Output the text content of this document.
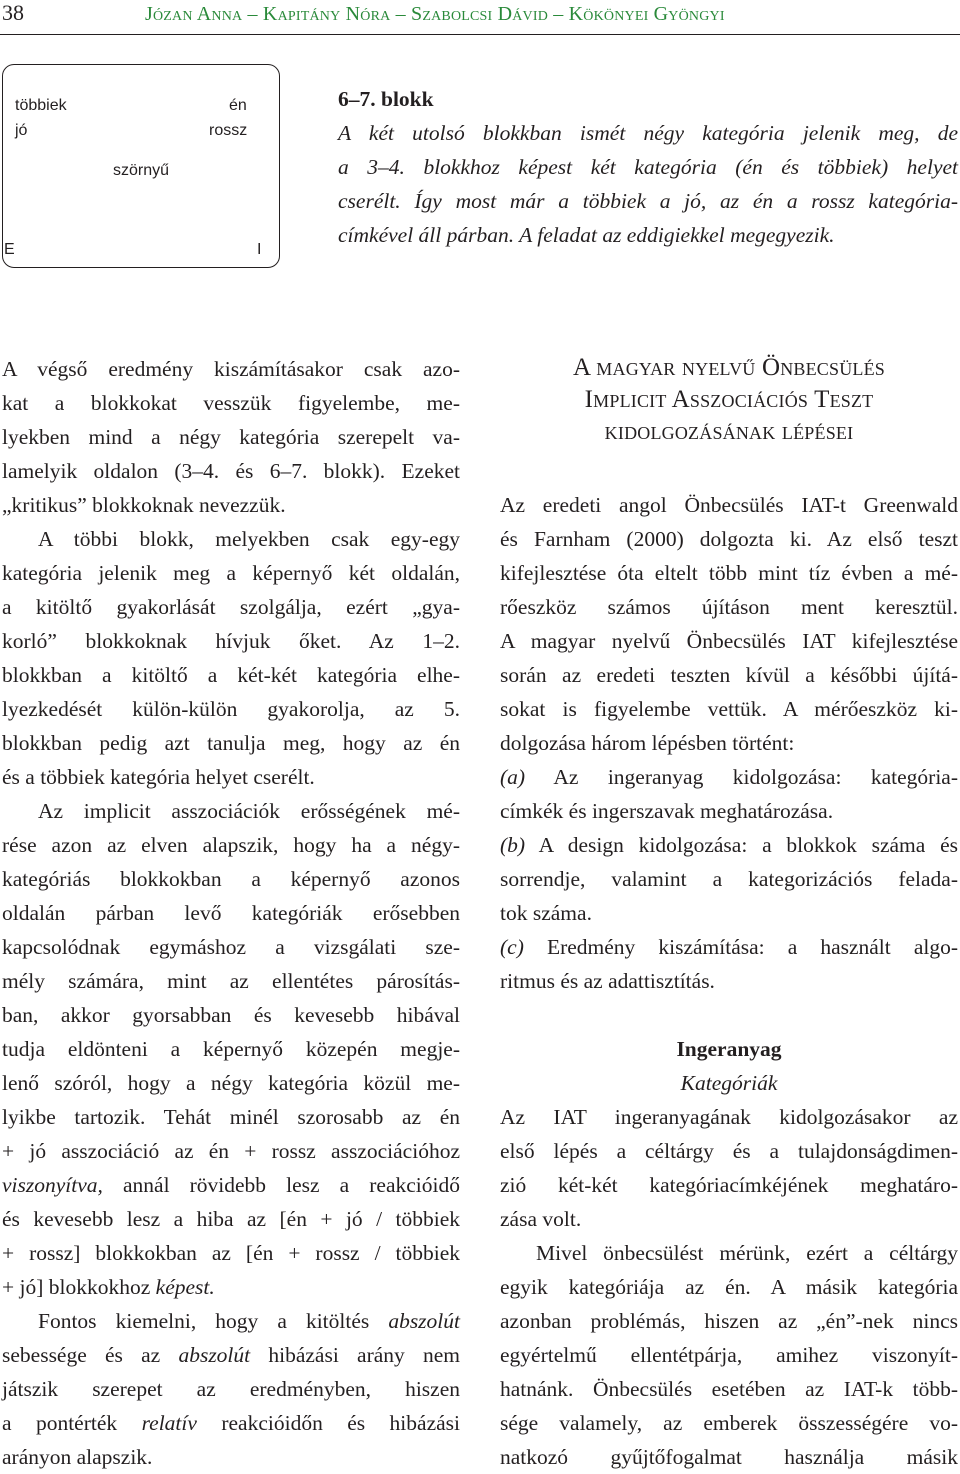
38	Józan Anna – Kapitány Nóra – Szabolcsi Dávid – Kökönyei Gyöngyi
többiek
jó
én
rossz
szörnyű
E	I

6–7. blokk

A két utolsó blokkban ismét négy kategória jelenik meg, de

a 3–4. blokkhoz képest két kategória (én és többiek) helyet

cserélt. Így most már a többiek a jó, az én a rossz kategória-

címkével áll párban. A feladat az eddigiekkel megegyezik.

A végső eredmény kiszámításakor csak azo-
kat a blokkokat vesszük figyelembe, me-
lyekben mind a négy kategória szerepelt va-
lamelyik oldalon (3–4. és 6–7. blokk). Ezeket
„kritikus” blokkoknak nevezzük.
A többi blokk, melyekben csak egy-egy
kategória jelenik meg a képernyő két oldalán,
a kitöltő gyakorlását szolgálja, ezért „gya-
korló” blokkoknak hívjuk őket. Az 1–2.
blokkban a kitöltő a két-két kategória elhe-
lyezkedését külön-külön gyakorolja, az 5.
blokkban pedig azt tanulja meg, hogy az én
és a többiek kategória helyet cserélt.
Az implicit asszociációk erősségének mé-
rése azon az elven alapszik, hogy ha a négy-
kategóriás blokkokban a képernyő azonos
oldalán párban levő kategóriák erősebben
kapcsolódnak egymáshoz a vizsgálati sze-
mély számára, mint az ellentétes párosítás-
ban, akkor gyorsabban és kevesebb hibával
tudja eldönteni a képernyő közepén megje-
lenő szóról, hogy a négy kategória közül me-
lyikbe tartozik. Tehát minél szorosabb az én
+ jó asszociáció az én + rossz asszociációhoz
viszonyítva, annál rövidebb lesz a reakcióidő
és kevesebb lesz a hiba az [én + jó / többiek
+ rossz] blokkokban az [én + rossz / többiek
+ jó] blokkokhoz képest.
Fontos kiemelni, hogy a kitöltés abszolút
sebessége és az abszolút hibázási arány nem
játszik szerepet az eredményben, hiszen
a pontérték relatív reakcióidőn és hibázási
arányon alapszik.
A magyar nyelvű Önbecsülés
Implicit Asszociációs Teszt
kidolgozásának lépései
Az eredeti angol Önbecsülés IAT-t Greenwald
és Farnham (2000) dolgozta ki. Az első teszt
kifejlesztése óta eltelt több mint tíz évben a mé-
rőeszköz számos újításon ment keresztül.
A magyar nyelvű Önbecsülés IAT kifejlesztése
során az eredeti teszten kívül a későbbi újítá-
sokat is figyelembe vettük. A mérőeszköz ki-
dolgozása három lépésben történt:
(a) Az ingeranyag kidolgozása: kategória-
címkék és ingerszavak meghatározása.
(b) A design kidolgozása: a blokkok száma és
sorrendje, valamint a kategorizációs felada-
tok száma.
(c) Eredmény kiszámítása: a használt algo-
ritmus és az adattisztítás.
Ingeranyag
Kategóriák
Az IAT ingeranyagának kidolgozásakor az
első lépés a céltárgy és a tulajdonságdimen-
zió két-két kategóriacímkéjének meghatáro-
zása volt.
Mivel önbecsülést mérünk, ezért a céltárgy
egyik kategóriája az én. A másik kategória
azonban problémás, hiszen az „én”-nek nincs
egyértelmű ellentétpárja, amihez viszonyít-
hatnánk. Önbecsülés esetében az IAT-k több-
sége valamely, az emberek összességére vo-
natkozó gyűjtőfogalmat használja másik
